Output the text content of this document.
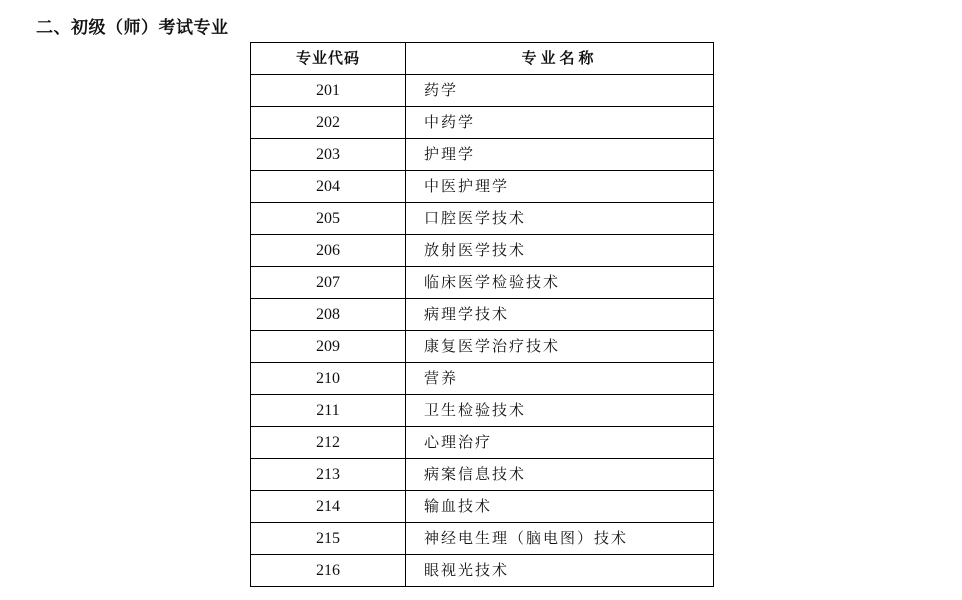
二、初级（师）考试专业
专业代码	专业名称
201	药学
202	中药学
203	护理学
204	中医护理学
205	口腔医学技术
206	放射医学技术
207	临床医学检验技术
208	病理学技术
209	康复医学治疗技术
210	营养
211	卫生检验技术
212	心理治疗
213	病案信息技术
214	输血技术
215	神经电生理（脑电图）技术
216	眼视光技术
